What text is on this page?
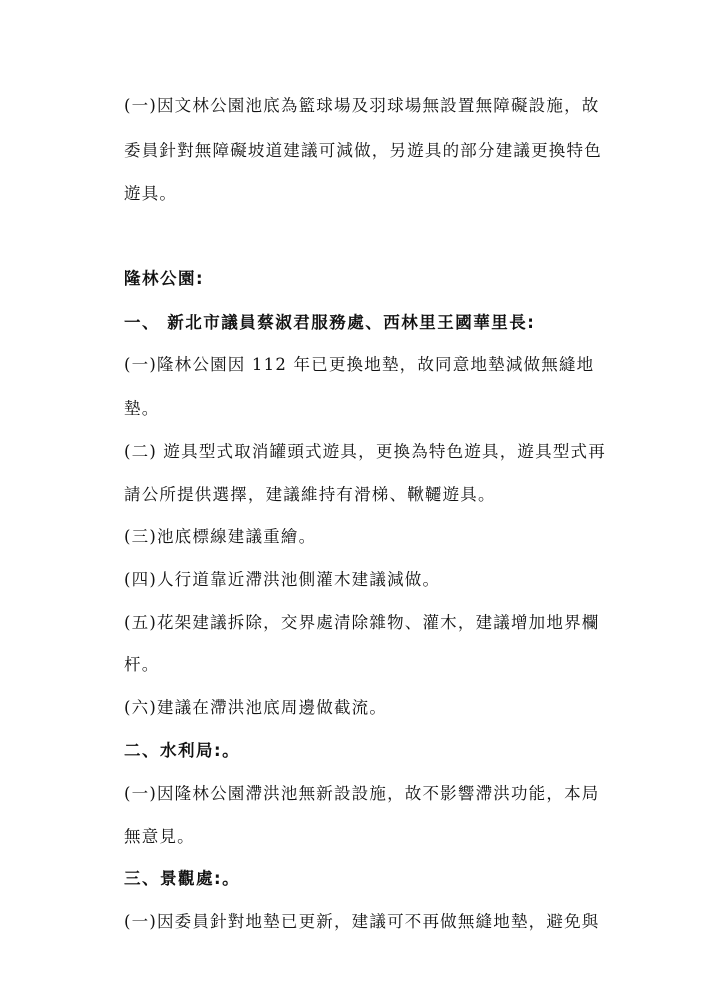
(一)因文林公園池底為籃球場及羽球場無設置無障礙設施，故
委員針對無障礙坡道建議可減做，另遊具的部分建議更換特色
遊具。
隆林公園:
一、 新北市議員蔡淑君服務處、西林里王國華里長:
(一)隆林公園因 112 年已更換地墊，故同意地墊減做無縫地
墊。
(二) 遊具型式取消罐頭式遊具，更換為特色遊具，遊具型式再
請公所提供選擇，建議維持有滑梯、鞦韆遊具。
(三)池底標線建議重繪。
(四)人行道靠近滯洪池側灌木建議減做。
(五)花架建議拆除，交界處清除雜物、灌木，建議增加地界欄
杆。
(六)建議在滯洪池底周邊做截流。
二、水利局:。
(一)因隆林公園滯洪池無新設設施，故不影響滯洪功能，本局
無意見。
三、景觀處:。
(一)因委員針對地墊已更新，建議可不再做無縫地墊，避免與
